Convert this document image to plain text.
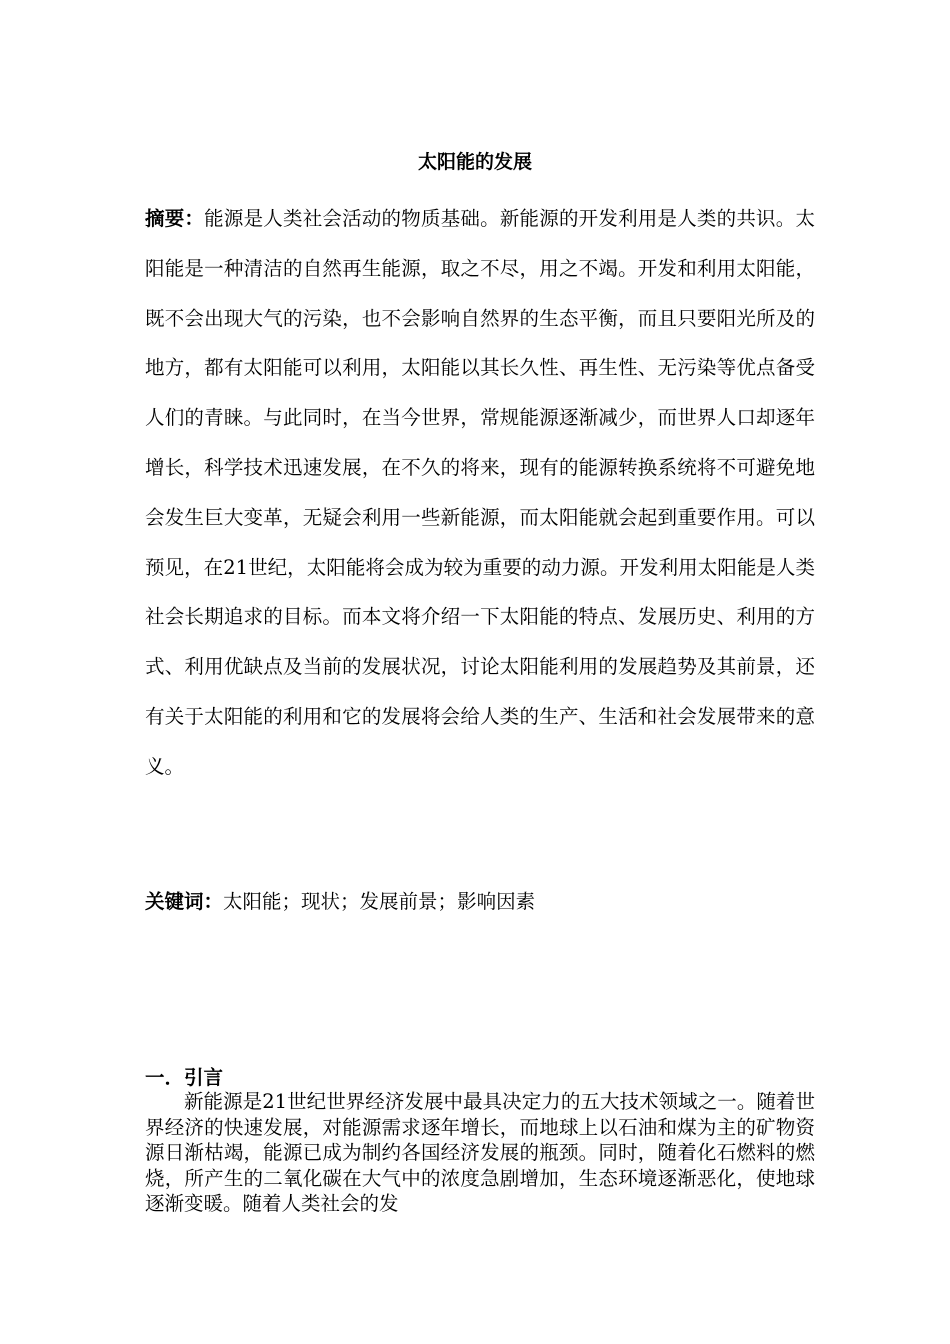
太阳能的发展
摘要：能源是人类社会活动的物质基础。新能源的开发利用是人类的共识。太阳能是一种清洁的自然再生能源，取之不尽，用之不竭。开发和利用太阳能，既不会出现大气的污染，也不会影响自然界的生态平衡，而且只要阳光所及的地方，都有太阳能可以利用，太阳能以其长久性、再生性、无污染等优点备受人们的青睐。与此同时，在当今世界，常规能源逐渐减少，而世界人口却逐年增长，科学技术迅速发展，在不久的将来，现有的能源转换系统将不可避免地会发生巨大变革，无疑会利用一些新能源，而太阳能就会起到重要作用。可以预见，在21世纪，太阳能将会成为较为重要的动力源。开发利用太阳能是人类社会长期追求的目标。而本文将介绍一下太阳能的特点、发展历史、利用的方式、利用优缺点及当前的发展状况，讨论太阳能利用的发展趋势及其前景，还有关于太阳能的利用和它的发展将会给人类的生产、生活和社会发展带来的意义。
关键词：太阳能；现状；发展前景；影响因素
一．引言
新能源是21世纪世界经济发展中最具决定力的五大技术领域之一。随着世界经济的快速发展，对能源需求逐年增长，而地球上以石油和煤为主的矿物资源日渐枯竭，能源已成为制约各国经济发展的瓶颈。同时，随着化石燃料的燃烧，所产生的二氧化碳在大气中的浓度急剧增加，生态环境逐渐恶化，使地球逐渐变暖。随着人类社会的发
